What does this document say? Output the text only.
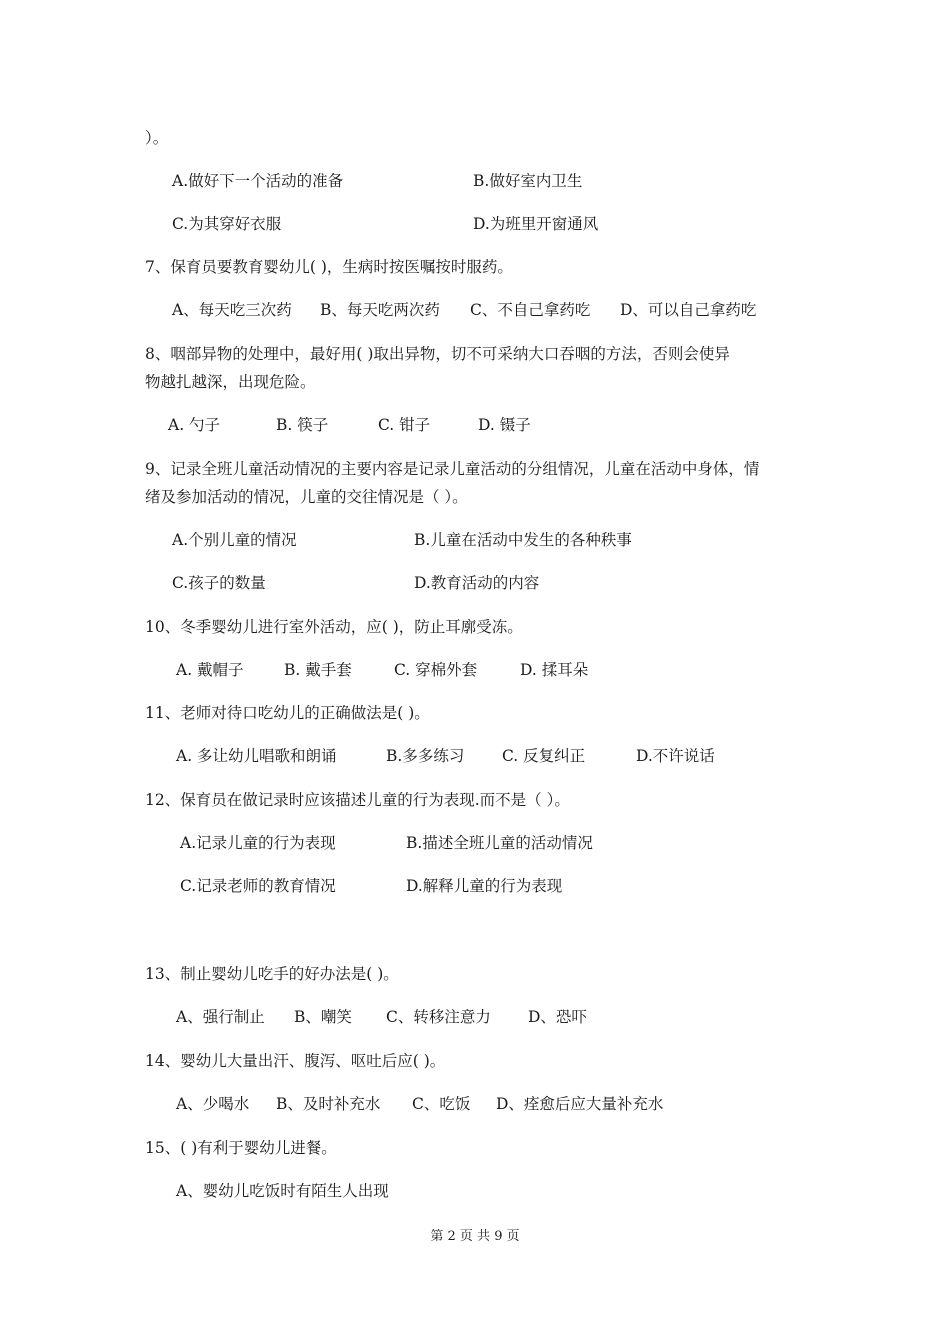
）。
A.做好下一个活动的准备	B.做好室内卫生
C.为其穿好衣服	D.为班里开窗通风
7、保育员要教育婴幼儿( )，生病时按医嘱按时服药。
A、每天吃三次药 B、每天吃两次药 C、不自己拿药吃 D、可以自己拿药吃
8、咽部异物的处理中，最好用( )取出异物，切不可采纳大口吞咽的方法，否则会使异
物越扎越深，出现危险。
A. 勺子	B. 筷子	C. 钳子	D. 镊子
9、记录全班儿童活动情况的主要内容是记录儿童活动的分组情况，儿童在活动中身体，情
绪及参加活动的情况，儿童的交往情况是（ ）。
A.个别儿童的情况	B.儿童在活动中发生的各种秩事
C.孩子的数量	D.教育活动的内容
10、冬季婴幼儿进行室外活动，应( )，防止耳廓受冻。
A. 戴帽子	B. 戴手套	C. 穿棉外套	D. 揉耳朵
11、老师对待口吃幼儿的正确做法是( )。
A. 多让幼儿唱歌和朗诵	B.多多练习 C. 反复纠正	D.不许说话
12、保育员在做记录时应该描述儿童的行为表现.而不是（ ）。
A.记录儿童的行为表现	B.描述全班儿童的活动情况
C.记录老师的教育情况	D.解释儿童的行为表现
13、制止婴幼儿吃手的好办法是( )。
A、强行制止 B、嘲笑 C、转移注意力 D、恐吓
14、婴幼儿大量出汗、腹泻、呕吐后应( )。
A、少喝水 B、及时补充水 C、吃饭 D、痊愈后应大量补充水
15、( )有利于婴幼儿进餐。
A、婴幼儿吃饭时有陌生人出现
第 2 页 共 9 页
